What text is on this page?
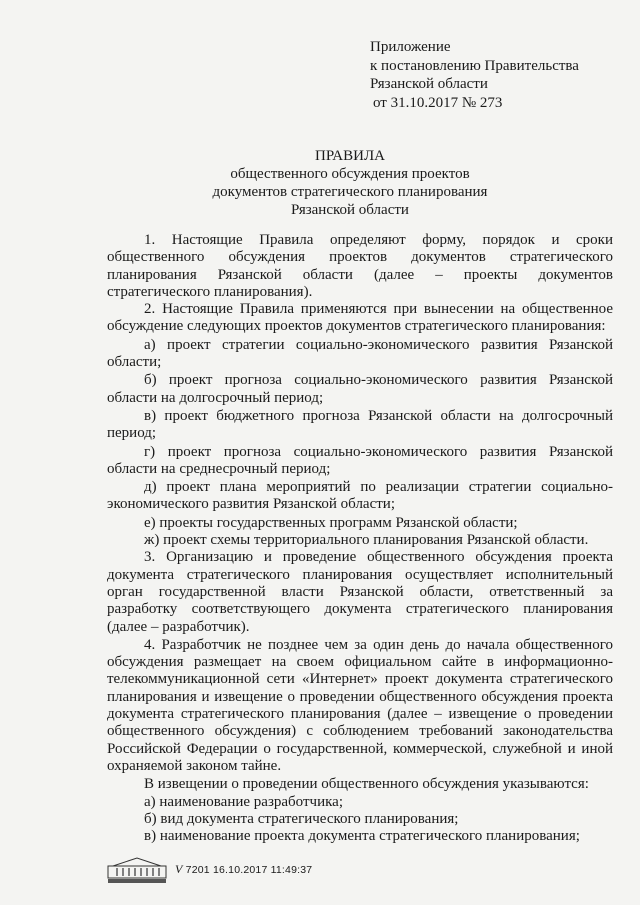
Приложение
к постановлению Правительства
Рязанской области
от 31.10.2017 № 273
ПРАВИЛА
общественного обсуждения проектов
документов стратегического планирования
Рязанской области

1. Настоящие Правила определяют форму, порядок и сроки общественного обсуждения проектов документов стратегического планирования Рязанской области (далее – проекты документов стратегического планирования).

2. Настоящие Правила применяются при вынесении на общественное обсуждение следующих проектов документов стратегического планирования:

а) проект стратегии социально-экономического развития Рязанской области;

б) проект прогноза социально-экономического развития Рязанской области на долгосрочный период;

в) проект бюджетного прогноза Рязанской области на долгосрочный период;

г) проект прогноза социально-экономического развития Рязанской области на среднесрочный период;

д) проект плана мероприятий по реализации стратегии социально-экономического развития Рязанской области;

е) проекты государственных программ Рязанской области;

ж) проект схемы территориального планирования Рязанской области.

3. Организацию и проведение общественного обсуждения проекта документа стратегического планирования осуществляет исполнительный орган государственной власти Рязанской области, ответственный за разработку соответствующего документа стратегического планирования (далее – разработчик).

4. Разработчик не позднее чем за один день до начала общественного обсуждения размещает на своем официальном сайте в информационно-телекоммуникационной сети «Интернет» проект документа стратегического планирования и извещение о проведении общественного обсуждения проекта документа стратегического планирования (далее – извещение о проведении общественного обсуждения) с соблюдением требований законодательства Российской Федерации о государственной, коммерческой, служебной и иной охраняемой законом тайне.

В извещении о проведении общественного обсуждения указываются:

а) наименование разработчика;

б) вид документа стратегического планирования;

в) наименование проекта документа стратегического планирования;

V 7201 16.10.2017 11:49:37
